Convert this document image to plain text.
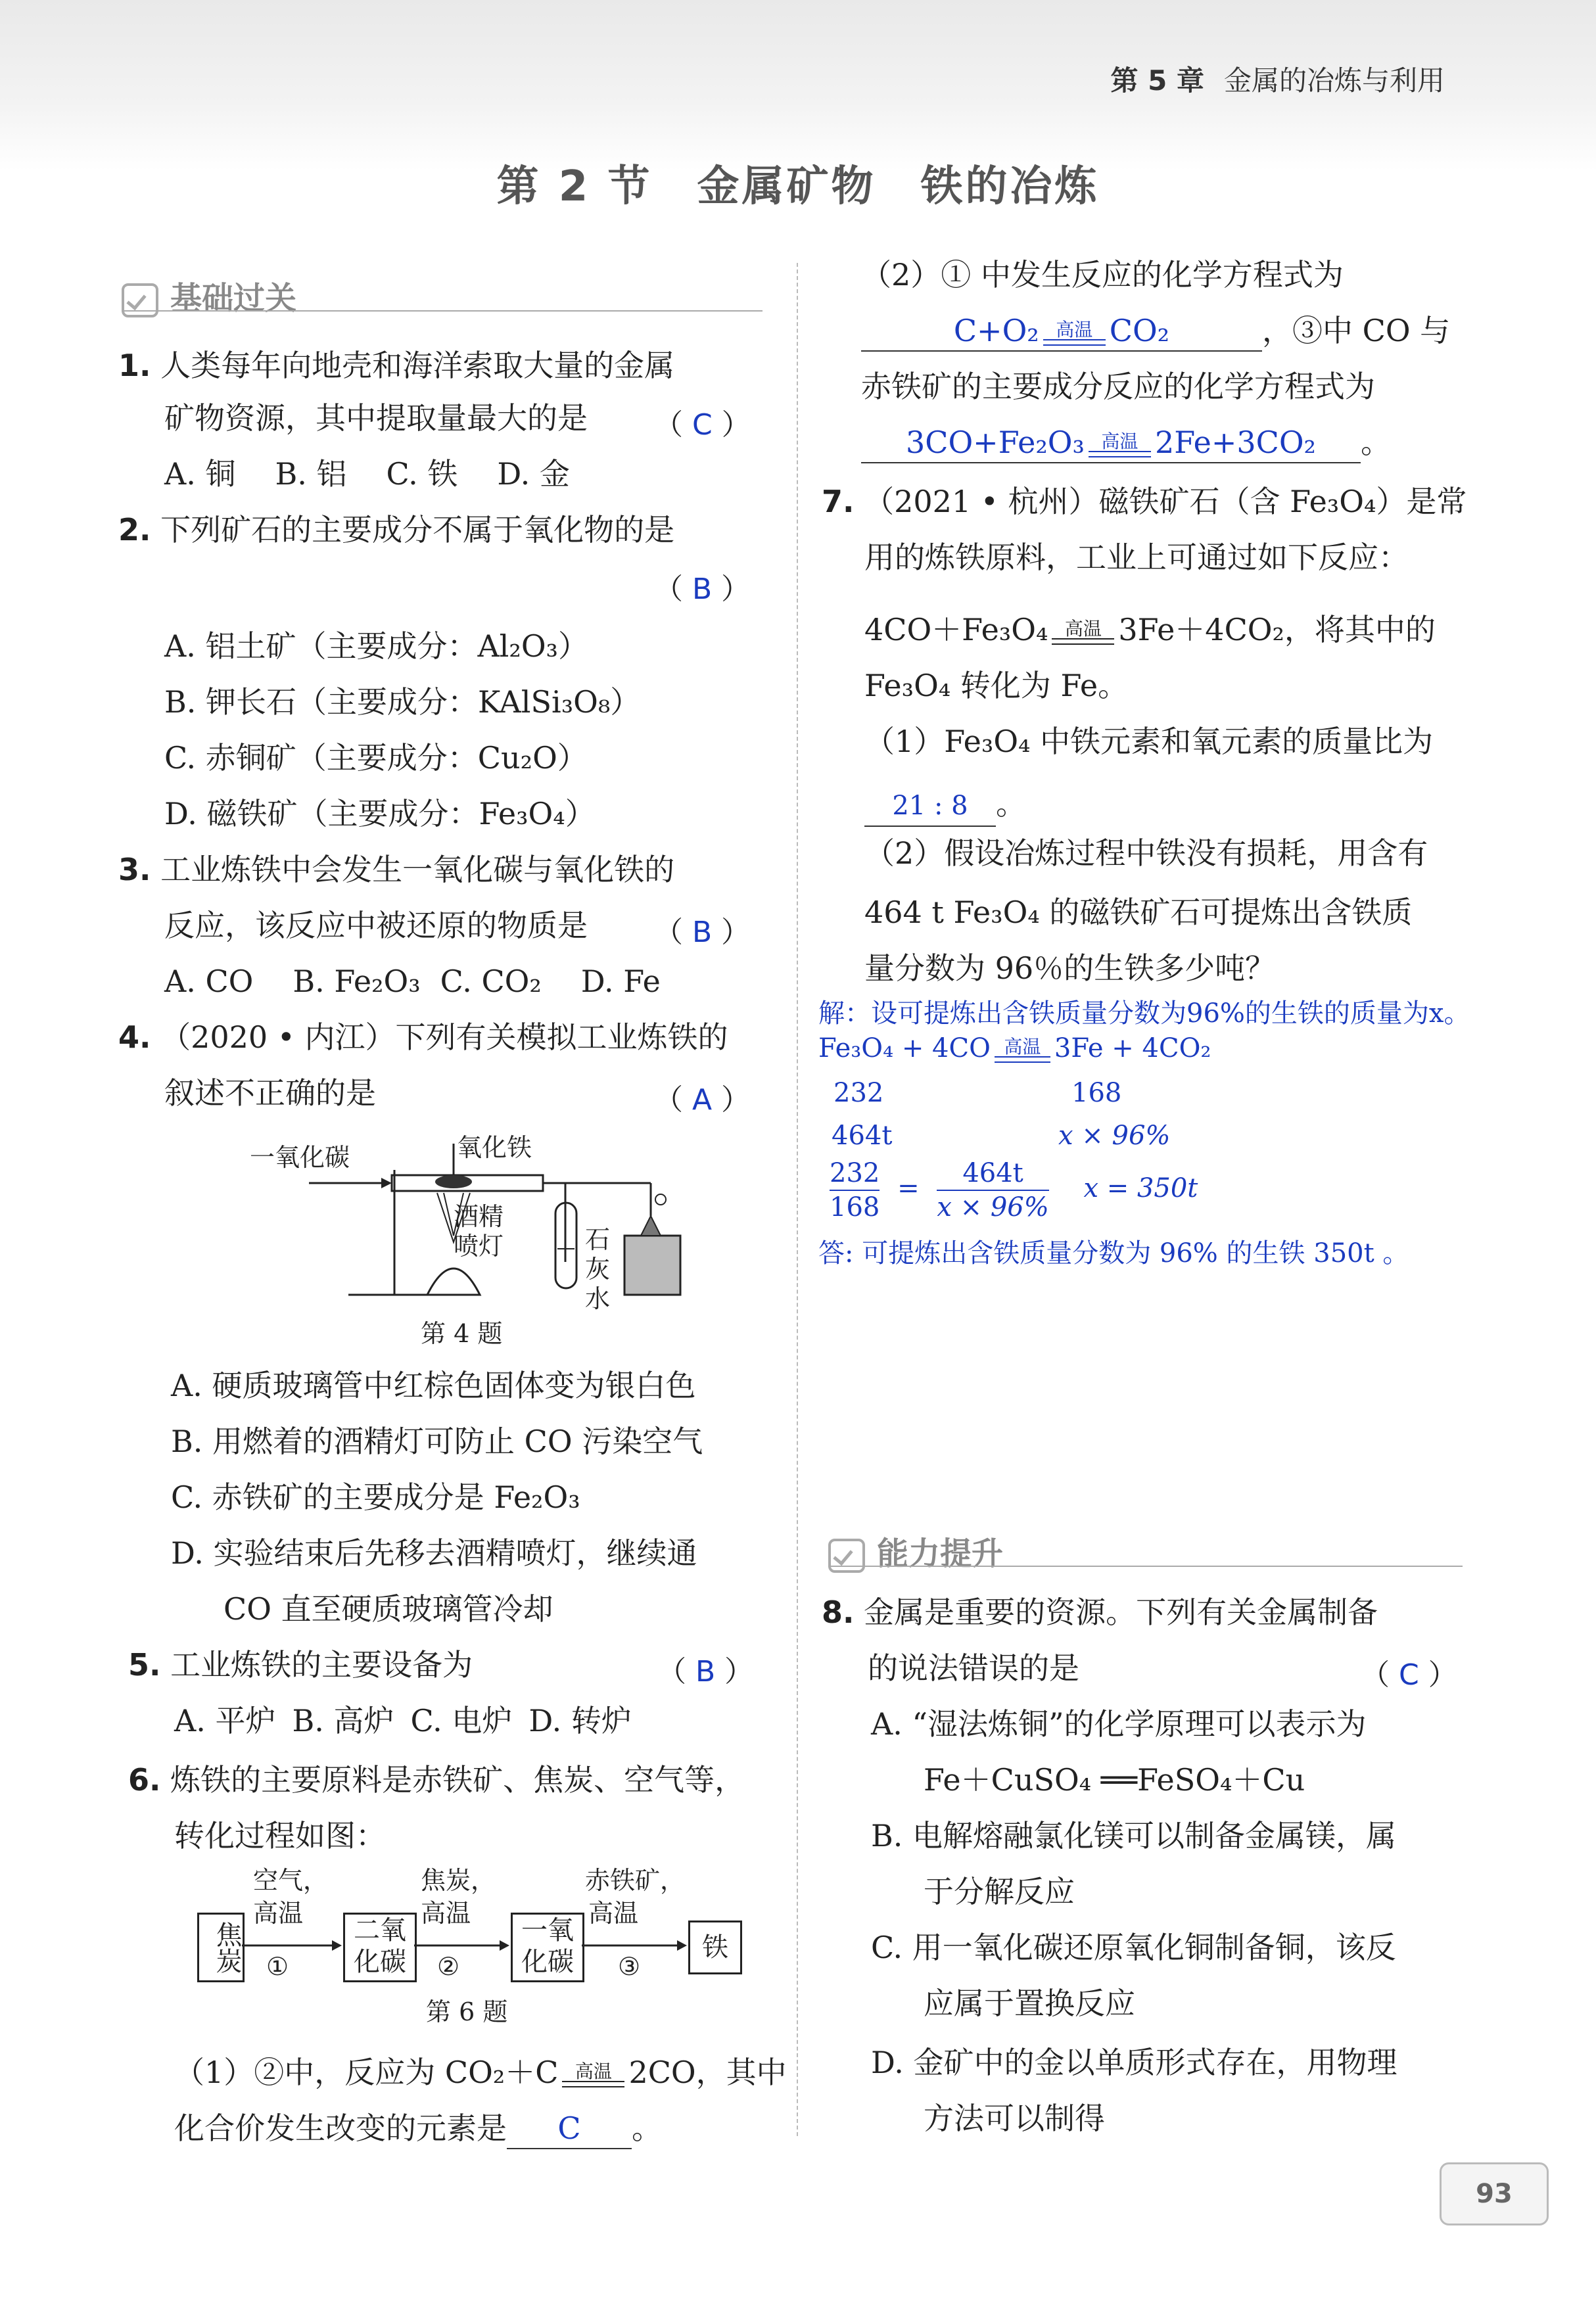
第 5 章 金属的冶炼与利用
第 2 节　金属矿物　铁的冶炼
基础过关
1. 人类每年向地壳和海洋索取大量的金属
矿物资源，其中提取量最大的是 （ C ）
A. 铜 B. 铝 C. 铁 D. 金
2. 下列矿石的主要成分不属于氧化物的是
（ B ）
A. 铝土矿（主要成分：Al₂O₃）
B. 钾长石（主要成分：KAlSi₃O₈）
C. 赤铜矿（主要成分：Cu₂O）
D. 磁铁矿（主要成分：Fe₃O₄）
3. 工业炼铁中会发生一氧化碳与氧化铁的
反应，该反应中被还原的物质是 （ B ）
A. CO B. Fe₂O₃ C. CO₂ D. Fe
4. （2020 • 内江）下列有关模拟工业炼铁的
叙述不正确的是	（ A ）
一氧化碳	氧化铁
酒精
喷灯	石
灰
水
第 4 题
A. 硬质玻璃管中红棕色固体变为银白色
B. 用燃着的酒精灯可防止 CO 污染空气
C. 赤铁矿的主要成分是 Fe₂O₃
D. 实验结束后先移去酒精喷灯，继续通
CO 直至硬质玻璃管冷却
5. 工业炼铁的主要设备为	（ B ）
A. 平炉 B. 高炉 C. 电炉 D. 转炉
6. 炼铁的主要原料是赤铁矿、焦炭、空气等，
转化过程如图：
焦炭	二氧化碳
一氧化碳	铁
空气，
高温
①
焦炭，
高温
②
赤铁矿，
高温
③
第 6 题
（1）②中，反应为 CO₂＋C 高温 2CO，其中
化合价发生改变的元素是 C 。
（2）① 中发生反应的化学方程式为
C+O₂ 高温 CO₂	，③中 CO 与
赤铁矿的主要成分反应的化学方程式为
3CO+Fe₂O₃ 高温 2Fe+3CO₂ 。
7. （2021 • 杭州）磁铁矿石（含 Fe₃O₄）是常
用的炼铁原料，工业上可通过如下反应：
4CO＋Fe₃O₄ 高温 3Fe＋4CO₂，将其中的
Fe₃O₄ 转化为 Fe。
（1）Fe₃O₄ 中铁元素和氧元素的质量比为
21 : 8 。
（2）假设冶炼过程中铁没有损耗，用含有
464 t Fe₃O₄ 的磁铁矿石可提炼出含铁质
量分数为 96％的生铁多少吨？
解：设可提炼出含铁质量分数为96%的生铁的质量为x。
Fe₃O₄ + 4CO 高温 3Fe + 4CO₂
232	168
464t	x × 96%
$\frac{232}{168} = \frac{464t}{x \times 96\%}$ x = 350t
答: 可提炼出含铁质量分数为 96% 的生铁 350t 。
能力提升
8. 金属是重要的资源。下列有关金属制备
的说法错误的是	（ C ）
A. “湿法炼铜”的化学原理可以表示为
Fe＋CuSO₄ ══FeSO₄＋Cu
B. 电解熔融氯化镁可以制备金属镁，属
于分解反应
C. 用一氧化碳还原氧化铜制备铜，该反
应属于置换反应
D. 金矿中的金以单质形式存在，用物理
方法可以制得
93
